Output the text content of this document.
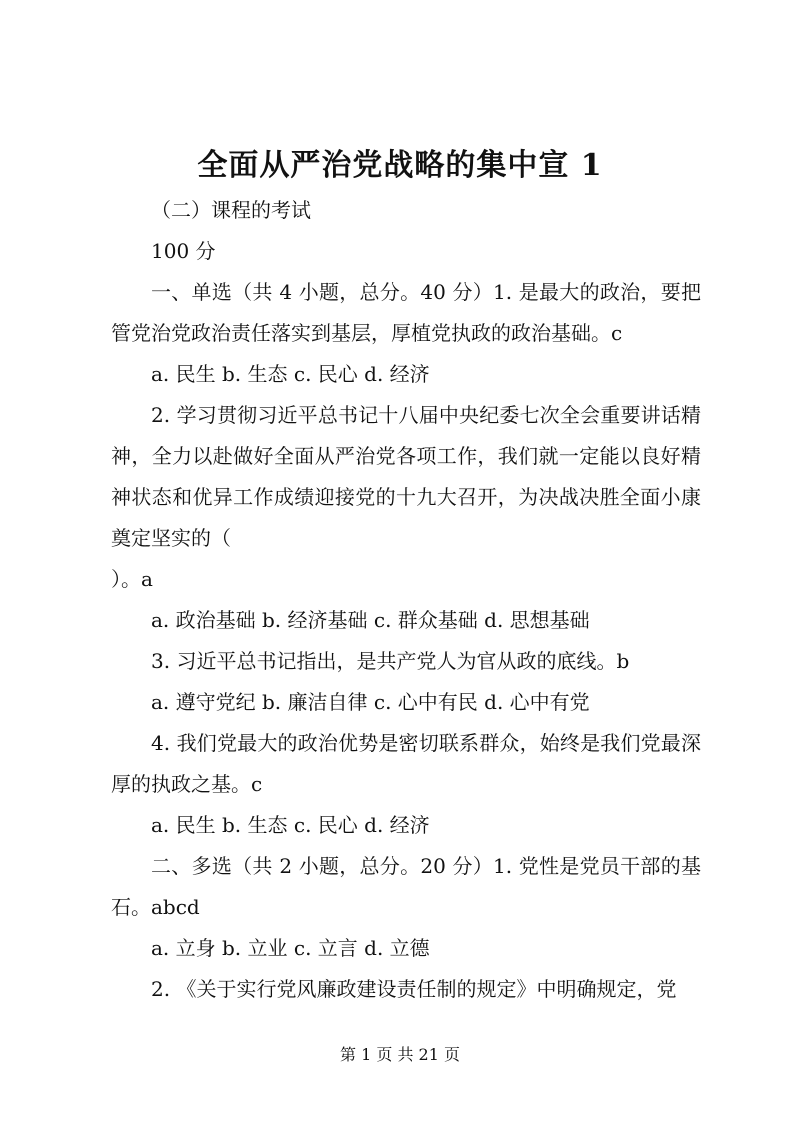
全面从严治党战略的集中宣 1

（二）课程的考试

100 分

一、单选（共 4 小题，总分。40 分）1. 是最大的政治，要把管党治党政治责任落实到基层，厚植党执政的政治基础。c

a. 民生 b. 生态 c. 民心 d. 经济

2. 学习贯彻习近平总书记十八届中央纪委七次全会重要讲话精神，全力以赴做好全面从严治党各项工作，我们就一定能以良好精神状态和优异工作成绩迎接党的十九大召开，为决战决胜全面小康奠定坚实的（

）。a

a. 政治基础 b. 经济基础 c. 群众基础 d. 思想基础

3. 习近平总书记指出，是共产党人为官从政的底线。b

a. 遵守党纪 b. 廉洁自律 c. 心中有民 d. 心中有党

4. 我们党最大的政治优势是密切联系群众，始终是我们党最深厚的执政之基。c

a. 民生 b. 生态 c. 民心 d. 经济

二、多选（共 2 小题，总分。20 分）1. 党性是党员干部的基石。abcd

a. 立身 b. 立业 c. 立言 d. 立德

2. 《关于实行党风廉政建设责任制的规定》中明确规定，党

第 1 页 共 21 页
